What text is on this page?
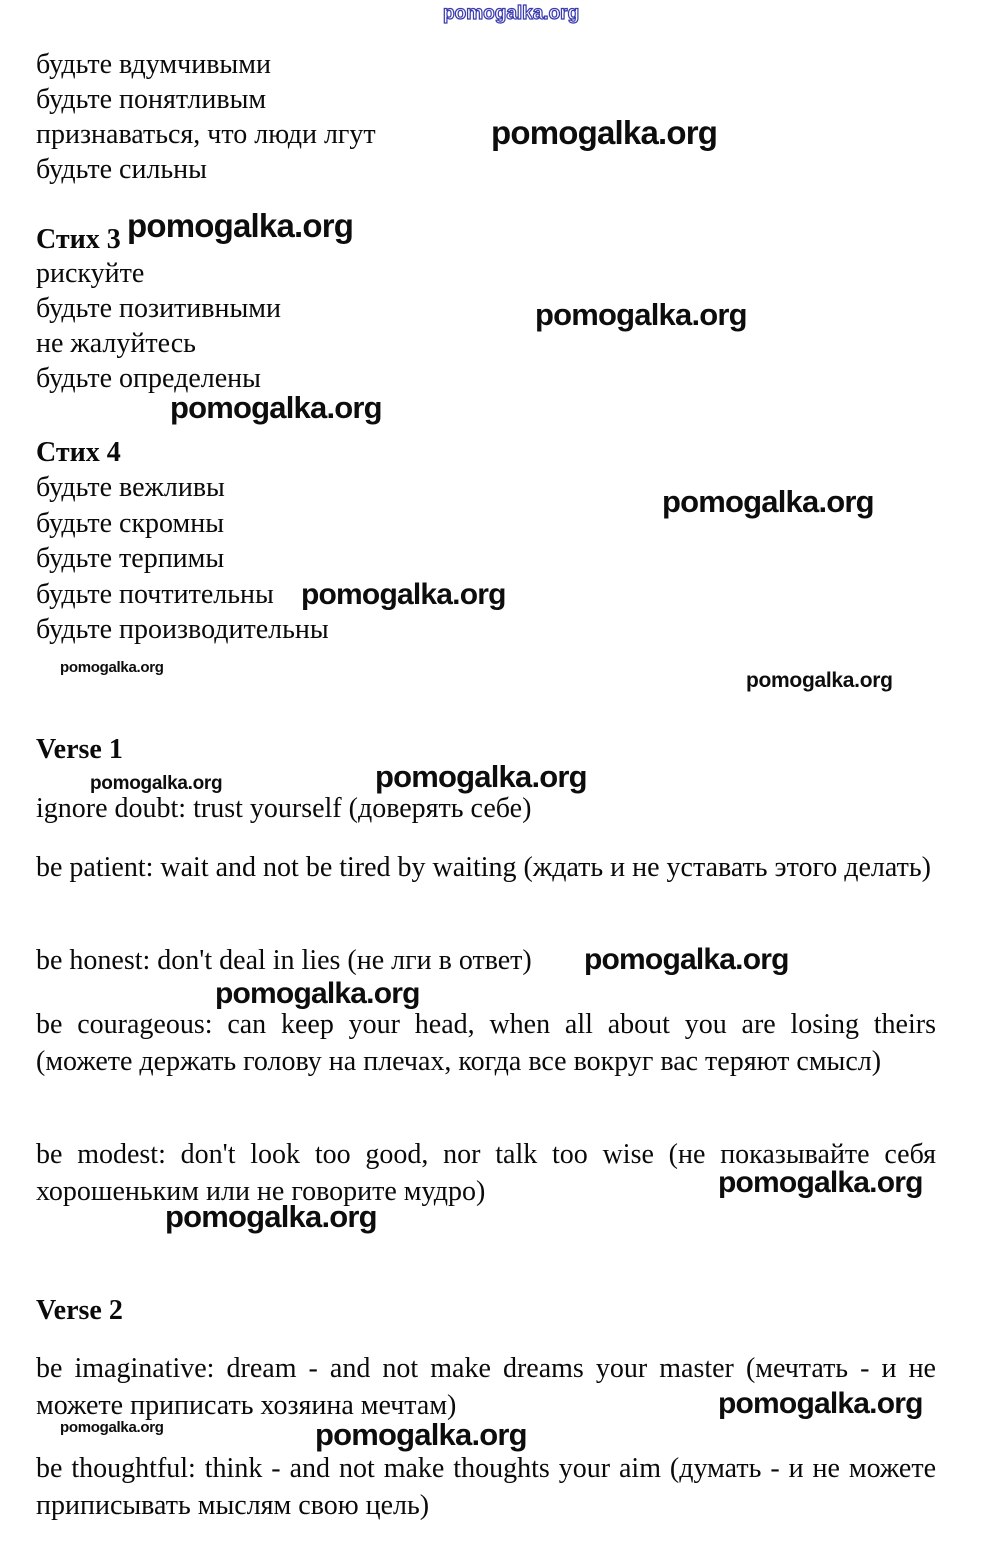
будьте вдумчивыми
будьте понятливым
признаваться, что люди лгут
будьте сильны
Стих 3
рискуйте
будьте позитивными
не жалуйтесь
будьте определены
Стих 4
будьте вежливы
будьте скромны
будьте терпимы
будьте почтительны
будьте производительны
Verse 1
ignore doubt: trust yourself (доверять себе)
be patient: wait and not be tired by waiting (ждать и не уставать этого делать)
be honest: don't deal in lies (не лги в ответ)
be courageous: can keep your head, when all about you are losing theirs (можете держать голову на плечах, когда все вокруг вас теряют смысл)
be modest: don't look too good, nor talk too wise (не показывайте себя хорошеньким или не говорите мудро)
Verse 2
be imaginative: dream - and not make dreams your master (мечтать - и не можете приписать хозяина мечтам)
be thoughtful: think - and not make thoughts your aim (думать - и не можете приписывать мыслям свою цель)
pomogalka.org
pomogalka.org
pomogalka.org
pomogalka.org
pomogalka.org
pomogalka.org
pomogalka.org
pomogalka.org
pomogalka.org
pomogalka.org	pomogalka.org
pomogalka.org
pomogalka.org
pomogalka.org
pomogalka.org
pomogalka.org
pomogalka.org	pomogalka.org
